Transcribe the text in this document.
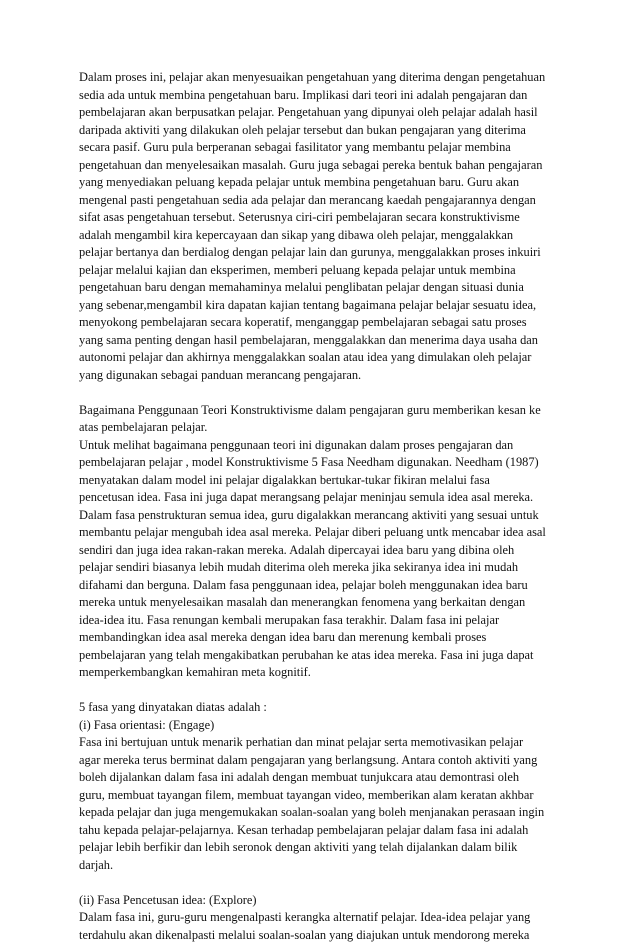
Dalam proses ini, pelajar akan menyesuaikan pengetahuan yang diterima dengan pengetahuan
sedia ada untuk membina pengetahuan baru. Implikasi dari teori ini adalah pengajaran dan
pembelajaran akan berpusatkan pelajar. Pengetahuan yang dipunyai oleh pelajar adalah hasil
daripada aktiviti yang dilakukan oleh pelajar tersebut dan bukan pengajaran yang diterima
secara pasif. Guru pula berperanan sebagai fasilitator yang membantu pelajar membina
pengetahuan dan menyelesaikan masalah. Guru juga sebagai pereka bentuk bahan pengajaran
yang menyediakan peluang kepada pelajar untuk membina pengetahuan baru. Guru akan
mengenal pasti pengetahuan sedia ada pelajar dan merancang kaedah pengajarannya dengan
sifat asas pengetahuan tersebut. Seterusnya ciri-ciri pembelajaran secara konstruktivisme
adalah mengambil kira kepercayaan dan sikap yang dibawa oleh pelajar, menggalakkan
pelajar bertanya dan berdialog dengan pelajar lain dan gurunya, menggalakkan proses inkuiri
pelajar melalui kajian dan eksperimen, memberi peluang kepada pelajar untuk membina
pengetahuan baru dengan memahaminya melalui penglibatan pelajar dengan situasi dunia
yang sebenar,mengambil kira dapatan kajian tentang bagaimana pelajar belajar sesuatu idea,
menyokong pembelajaran secara koperatif, menganggap pembelajaran sebagai satu proses
yang sama penting dengan hasil pembelajaran, menggalakkan dan menerima daya usaha dan
autonomi pelajar dan akhirnya menggalakkan soalan atau idea yang dimulakan oleh pelajar
yang digunakan sebagai panduan merancang pengajaran.
Bagaimana Penggunaan Teori Konstruktivisme dalam pengajaran guru memberikan kesan ke
atas pembelajaran pelajar.
Untuk melihat bagaimana penggunaan teori ini digunakan dalam proses pengajaran dan
pembelajaran pelajar , model Konstruktivisme 5 Fasa Needham digunakan. Needham (1987)
menyatakan dalam model ini pelajar digalakkan bertukar-tukar fikiran melalui fasa
pencetusan idea. Fasa ini juga dapat merangsang pelajar meninjau semula idea asal mereka.
Dalam fasa penstrukturan semua idea, guru digalakkan merancang aktiviti yang sesuai untuk
membantu pelajar mengubah idea asal mereka. Pelajar diberi peluang untk mencabar idea asal
sendiri dan juga idea rakan-rakan mereka. Adalah dipercayai idea baru yang dibina oleh
pelajar sendiri biasanya lebih mudah diterima oleh mereka jika sekiranya idea ini mudah
difahami dan berguna. Dalam fasa penggunaan idea, pelajar boleh menggunakan idea baru
mereka untuk menyelesaikan masalah dan menerangkan fenomena yang berkaitan dengan
idea-idea itu. Fasa renungan kembali merupakan fasa terakhir. Dalam fasa ini pelajar
membandingkan idea asal mereka dengan idea baru dan merenung kembali proses
pembelajaran yang telah mengakibatkan perubahan ke atas idea mereka. Fasa ini juga dapat
memperkembangkan kemahiran meta kognitif.
5 fasa yang dinyatakan diatas adalah :
(i) Fasa orientasi: (Engage)
Fasa ini bertujuan untuk menarik perhatian dan minat pelajar serta memotivasikan pelajar
agar mereka terus berminat dalam pengajaran yang berlangsung. Antara contoh aktiviti yang
boleh dijalankan dalam fasa ini adalah dengan membuat tunjukcara atau demontrasi oleh
guru, membuat tayangan filem, membuat tayangan video, memberikan alam keratan akhbar
kepada pelajar dan juga mengemukakan soalan-soalan yang boleh menjanakan perasaan ingin
tahu kepada pelajar-pelajarnya. Kesan terhadap pembelajaran pelajar dalam fasa ini adalah
pelajar lebih berfikir dan lebih seronok dengan aktiviti yang telah dijalankan dalam bilik
darjah.
(ii) Fasa Pencetusan idea: (Explore)
Dalam fasa ini, guru-guru mengenalpasti kerangka alternatif pelajar. Idea-idea pelajar yang
terdahulu akan dikenalpasti melalui soalan-soalan yang diajukan untuk mendorong mereka
